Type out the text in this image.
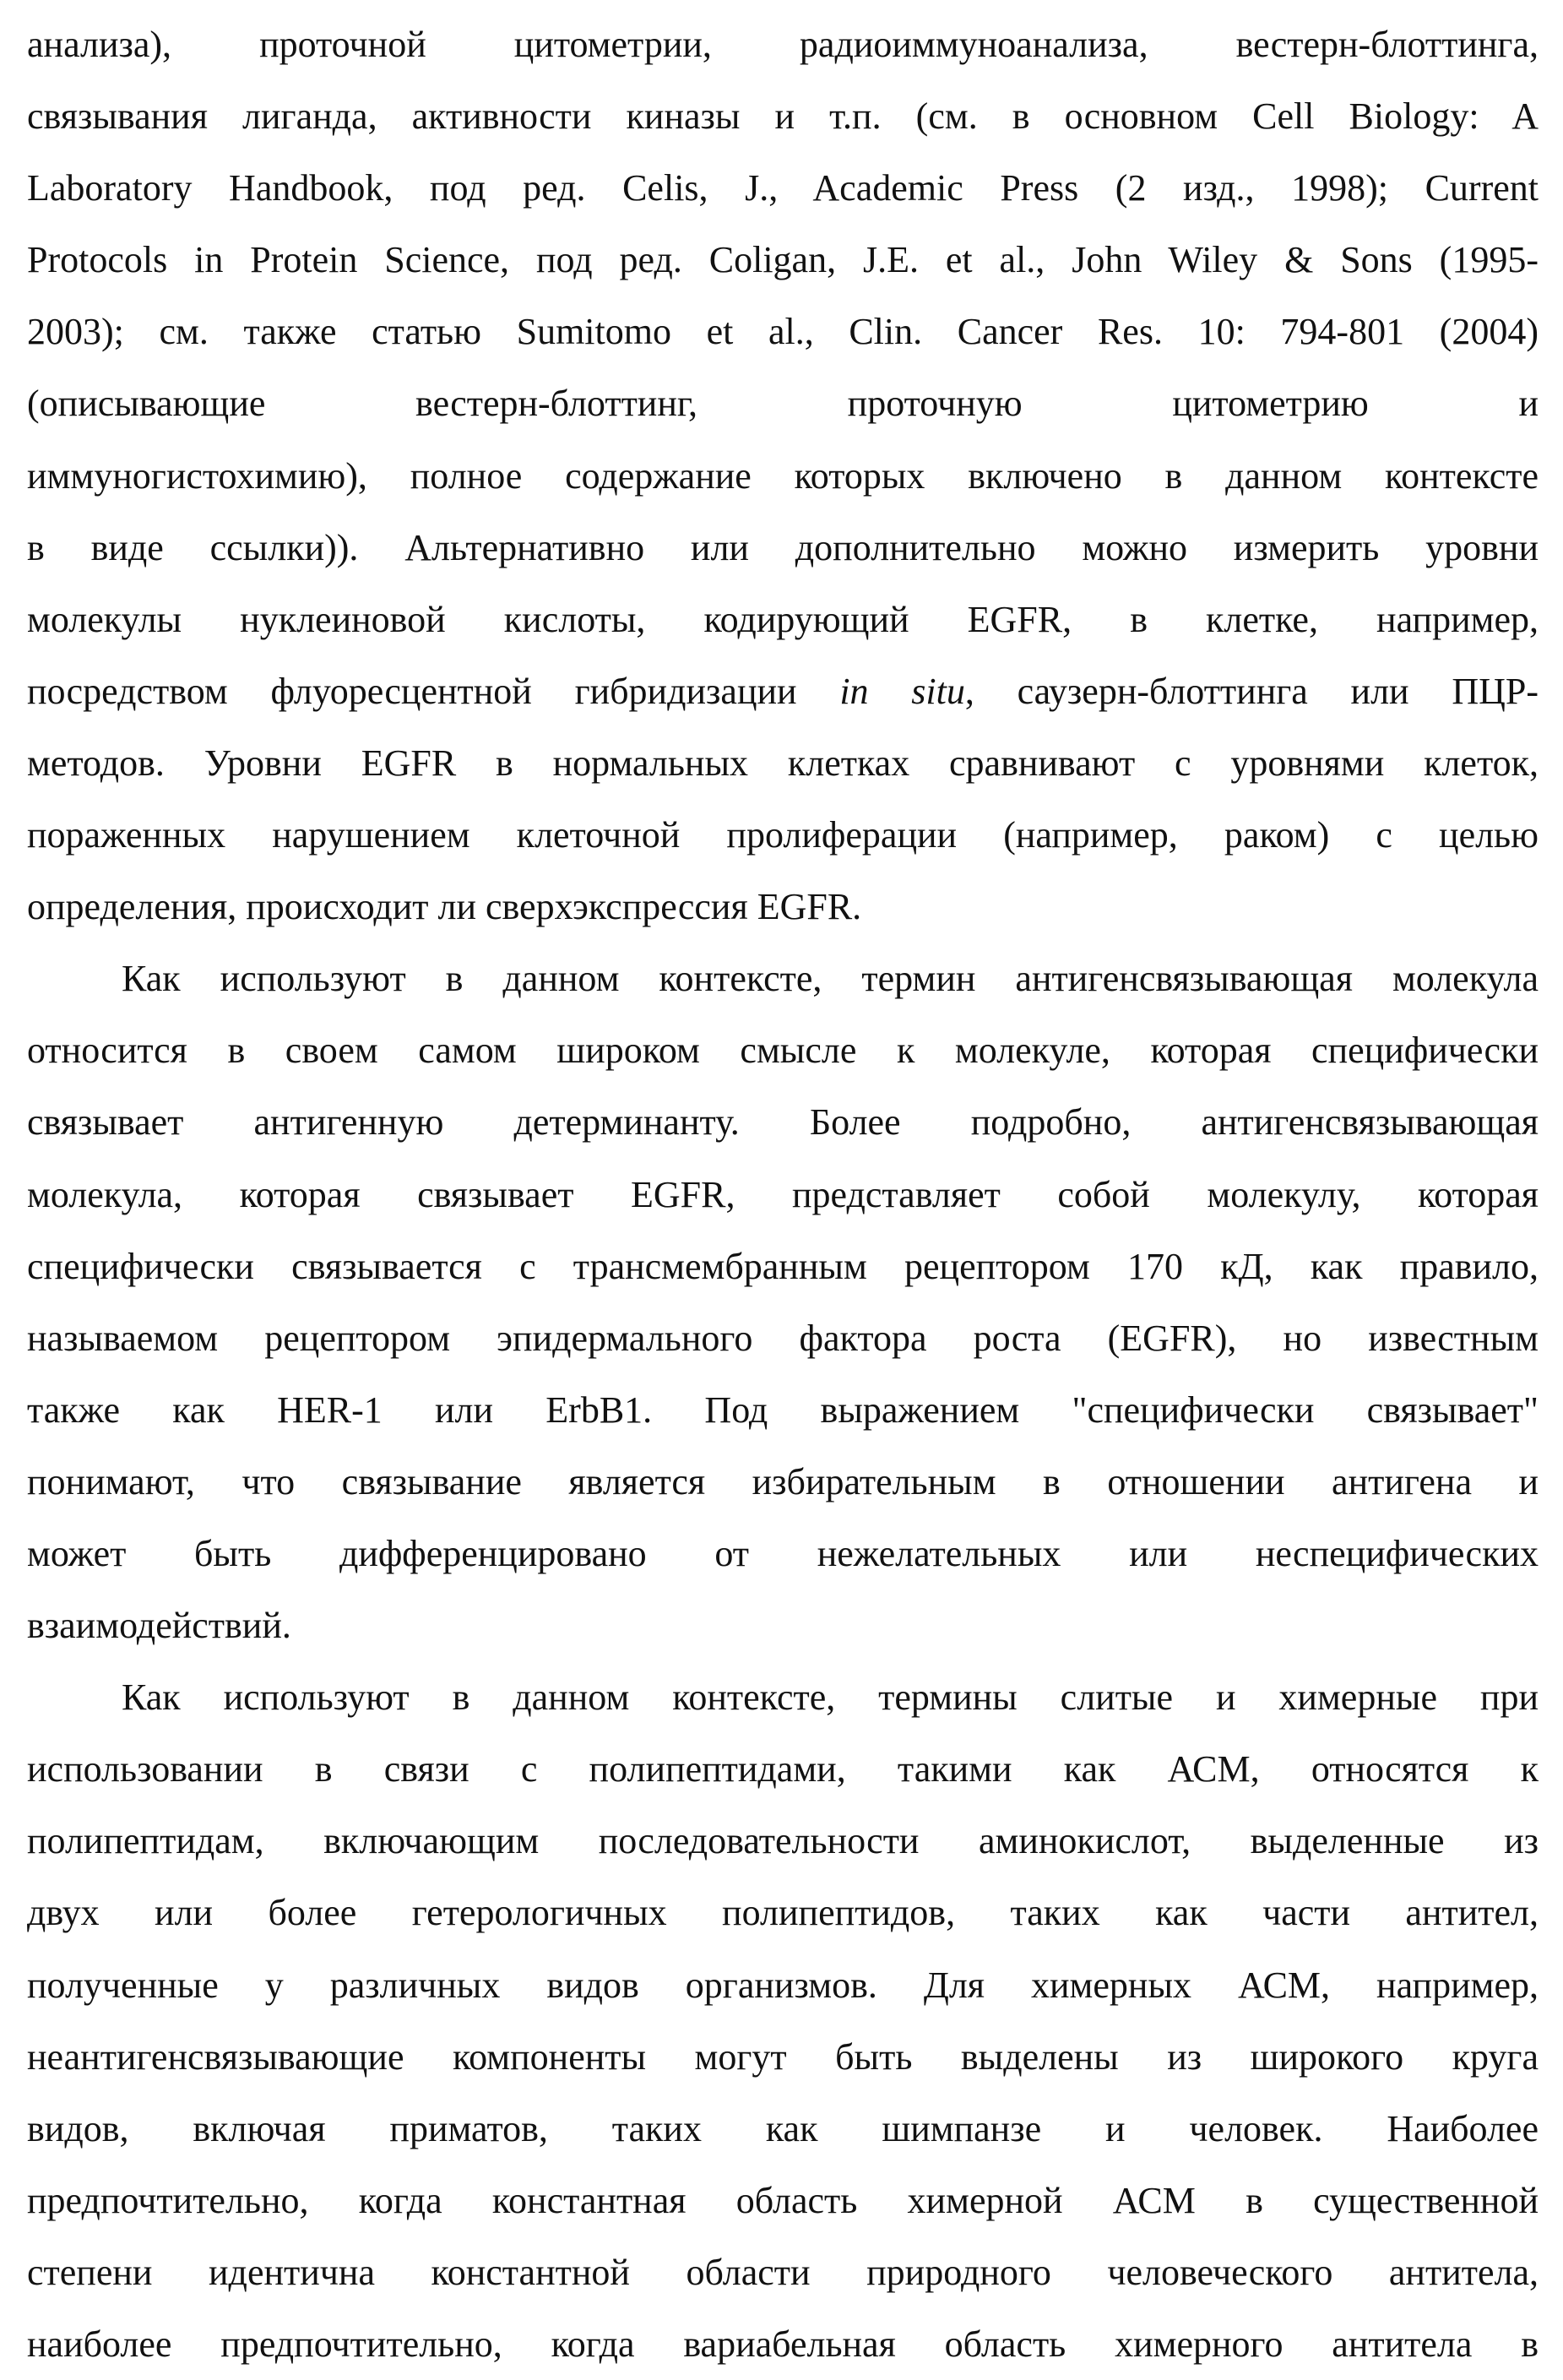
анализа), проточной цитометрии, радиоиммуноанализа, вестерн-блоттинга,
связывания лиганда, активности киназы и т.п. (см. в основном Cell Biology: A
Laboratory Handbook, под ред. Celis, J., Academic Press (2 изд., 1998); Current
Protocols in Protein Science, под ред. Coligan, J.E. et al., John Wiley & Sons (1995-
2003); см. также статью Sumitomo et al., Clin. Cancer Res. 10: 794-801 (2004)
(описывающие вестерн-блоттинг, проточную цитометрию и
иммуногистохимию), полное содержание которых включено в данном контексте
в виде ссылки)). Альтернативно или дополнительно можно измерить уровни
молекулы нуклеиновой кислоты, кодирующий EGFR, в клетке, например,
посредством флуоресцентной гибридизации in situ, саузерн-блоттинга или ПЦР-
методов. Уровни EGFR в нормальных клетках сравнивают с уровнями клеток,
пораженных нарушением клеточной пролиферации (например, раком) с целью
определения, происходит ли сверхэкспрессия EGFR.
Как используют в данном контексте, термин антигенсвязывающая молекула
относится в своем самом широком смысле к молекуле, которая специфически
связывает антигенную детерминанту. Более подробно, антигенсвязывающая
молекула, которая связывает EGFR, представляет собой молекулу, которая
специфически связывается с трансмембранным рецептором 170 кД, как правило,
называемом рецептором эпидермального фактора роста (EGFR), но известным
также как HER-1 или ErbB1. Под выражением "специфически связывает"
понимают, что связывание является избирательным в отношении антигена и
может быть дифференцировано от нежелательных или неспецифических
взаимодействий.
Как используют в данном контексте, термины слитые и химерные при
использовании в связи с полипептидами, такими как АСМ, относятся к
полипептидам, включающим последовательности аминокислот, выделенные из
двух или более гетерологичных полипептидов, таких как части антител,
полученные у различных видов организмов. Для химерных АСМ, например,
неантигенсвязывающие компоненты могут быть выделены из широкого круга
видов, включая приматов, таких как шимпанзе и человек. Наиболее
предпочтительно, когда константная область химерной АСМ в существенной
степени идентична константной области природного человеческого антитела,
наиболее предпочтительно, когда вариабельная область химерного антитела в
